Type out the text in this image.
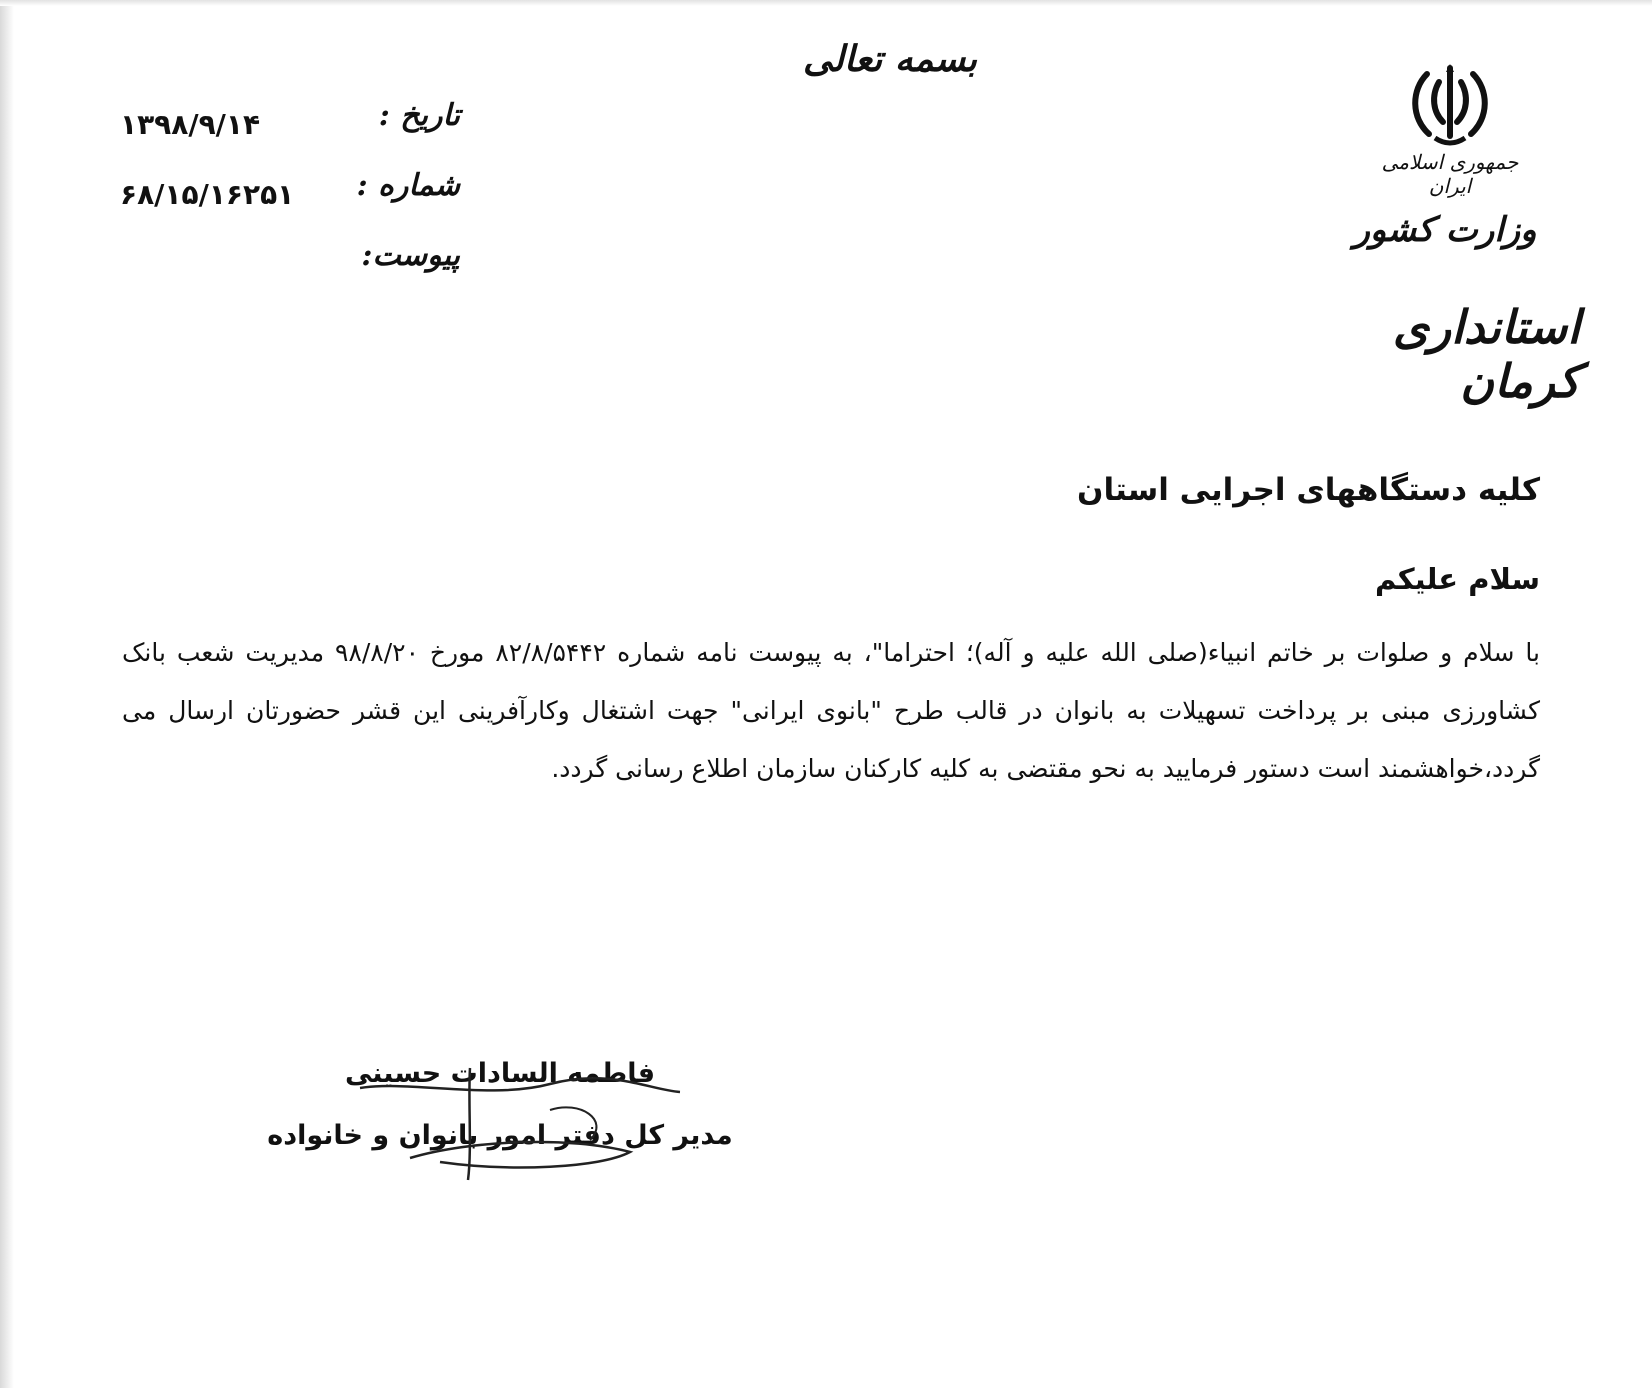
جمهوری اسلامی ایران
وزارت کشور
استانداری کرمان
بسمه تعالی
تاریخ :
۱۳۹۸/۹/۱۴
شماره :
۶۸/۱۵/۱۶۲۵۱
پیوست:
کلیه دستگاههای اجرایی استان
سلام علیکم
با سلام و صلوات بر خاتم انبیاء(صلی الله علیه و آله)؛ احتراما"، به پیوست نامه شماره ۸۲/۸/۵۴۴۲ مورخ ۹۸/۸/۲۰ مدیریت شعب بانک کشاورزی مبنی بر پرداخت تسهیلات به بانوان در قالب طرح "بانوی ایرانی" جهت اشتغال وکارآفرینی این قشر حضورتان ارسال می گردد،خواهشمند است دستور فرمایید به نحو مقتضی به کلیه کارکنان سازمان اطلاع رسانی گردد.
فاطمه السادات حسینی
مدیر کل دفتر امور بانوان و خانواده
